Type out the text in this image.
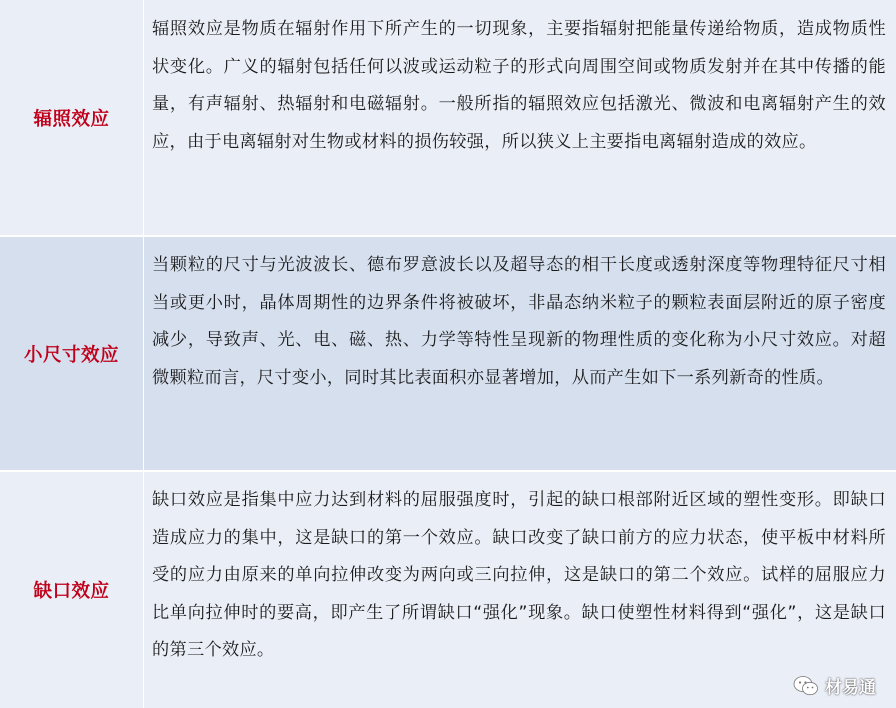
辐照效应
辐照效应是物质在辐射作用下所产生的一切现象，主要指辐射把能量传递给物质，造成物质性状变化。广义的辐射包括任何以波或运动粒子的形式向周围空间或物质发射并在其中传播的能量，有声辐射、热辐射和电磁辐射。一般所指的辐照效应包括激光、微波和电离辐射产生的效应，由于电离辐射对生物或材料的损伤较强，所以狭义上主要指电离辐射造成的效应。
小尺寸效应
当颗粒的尺寸与光波波长、德布罗意波长以及超导态的相干长度或透射深度等物理特征尺寸相当或更小时，晶体周期性的边界条件将被破坏，非晶态纳米粒子的颗粒表面层附近的原子密度减少，导致声、光、电、磁、热、力学等特性呈现新的物理性质的变化称为小尺寸效应。对超微颗粒而言，尺寸变小，同时其比表面积亦显著增加，从而产生如下一系列新奇的性质。
缺口效应
缺口效应是指集中应力达到材料的屈服强度时，引起的缺口根部附近区域的塑性变形。即缺口造成应力的集中，这是缺口的第一个效应。缺口改变了缺口前方的应力状态，使平板中材料所受的应力由原来的单向拉伸改变为两向或三向拉伸，这是缺口的第二个效应。试样的屈服应力比单向拉伸时的要高，即产生了所谓缺口“强化”现象。缺口使塑性材料得到“强化”，这是缺口的第三个效应。
材易通
